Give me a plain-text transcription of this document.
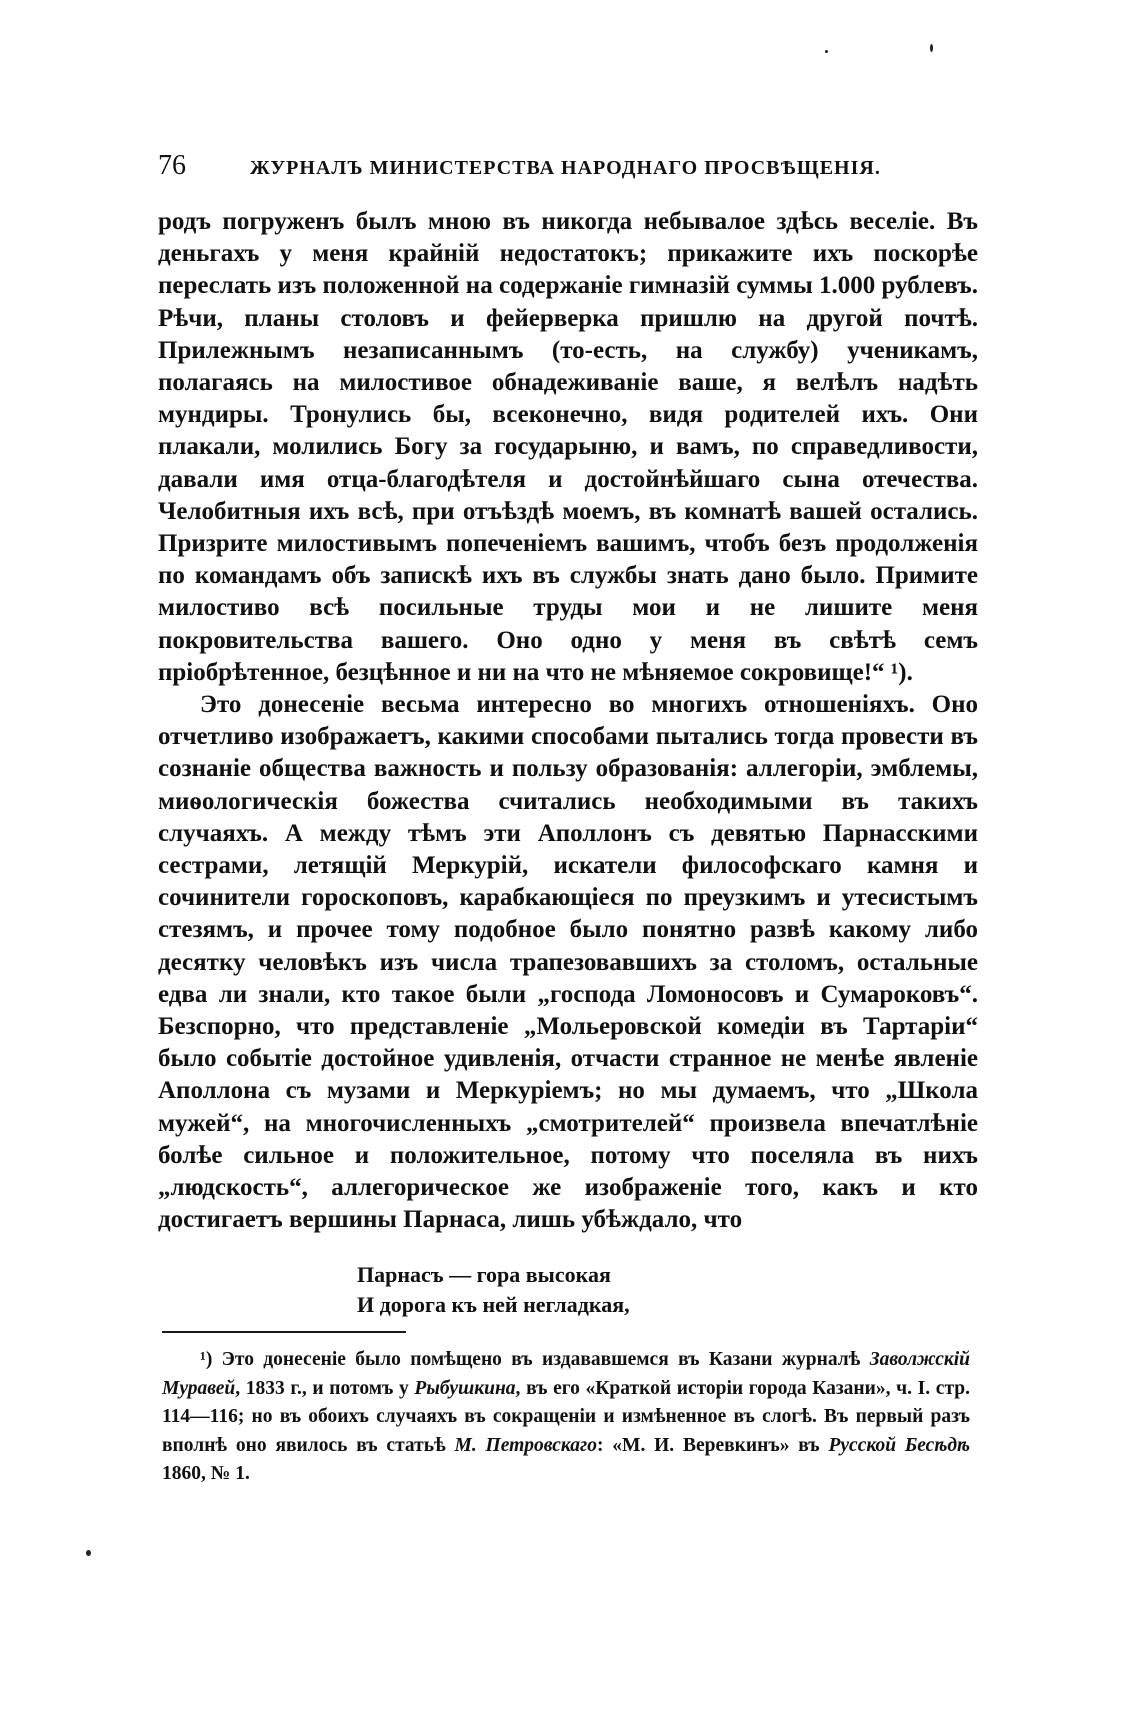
76	ЖУРНАЛЪ МИНИСТЕРСТВА НАРОДНАГО ПРОСВѢЩЕНІЯ.

родъ погруженъ былъ мною въ никогда небывалое здѣсь веселіе. Въ деньгахъ у меня крайній недостатокъ; прикажите ихъ поскорѣе переслать изъ положенной на содержаніе гимназій суммы 1.000 рублевъ. Рѣчи, планы столовъ и фейерверка пришлю на другой почтѣ. Прилежнымъ незаписаннымъ (то-есть, на службу) ученикамъ, полагаясь на милостивое обнадеживаніе ваше, я велѣлъ надѣть мундиры. Тронулись бы, всеконечно, видя родителей ихъ. Они плакали, молились Богу за государыню, и вамъ, по справедливости, давали имя отца-благодѣтеля и достойнѣйшаго сына отечества. Челобитныя ихъ всѣ, при отъѣздѣ моемъ, въ комнатѣ вашей остались. Призрите милостивымъ попеченіемъ вашимъ, чтобъ безъ продолженія по командамъ объ запискѣ ихъ въ службы знать дано было. Примите милостиво всѣ посильные труды мои и не лишите меня покровительства вашего. Оно одно у меня въ свѣтѣ семъ пріобрѣтенное, безцѣнное и ни на что не мѣняемое сокровище!“ ¹).

Это донесеніе весьма интересно во многихъ отношеніяхъ. Оно отчетливо изображаетъ, какими способами пытались тогда провести въ сознаніе общества важность и пользу образованія: аллегоріи, эмблемы, миѳологическія божества считались необходимыми въ такихъ случаяхъ. А между тѣмъ эти Аполлонъ съ девятью Парнасскими сестрами, летящій Меркурій, искатели философскаго камня и сочинители гороскоповъ, карабкающіеся по преузкимъ и утесистымъ стезямъ, и прочее тому подобное было понятно развѣ какому либо десятку человѣкъ изъ числа трапезовавшихъ за столомъ, остальные едва ли знали, кто такое были „господа Ломоносовъ и Сумароковъ“. Безспорно, что представленіе „Мольеровской комедіи въ Тартаріи“ было событіе достойное удивленія, отчасти странное не менѣе явленіе Аполлона съ музами и Меркуріемъ; но мы думаемъ, что „Школа мужей“, на многочисленныхъ „смотрителей“ произвела впечатлѣніе болѣе сильное и положительное, потому что поселяла въ нихъ „людскость“, аллегорическое же изображеніе того, какъ и кто достигаетъ вершины Парнаса, лишь убѣждало, что

Парнасъ — гора высокая
И дорога къ ней негладкая,

¹) Это донесеніе было помѣщено въ издававшемся въ Казани журналѣ Заволжскій Муравей, 1833 г., и потомъ у Рыбушкина, въ его «Краткой исторіи города Казани», ч. I. стр. 114—116; но въ обоихъ случаяхъ въ сокращеніи и измѣненное въ слогѣ. Въ первый разъ вполнѣ оно явилось въ статьѣ М. Петровскаго: «М. И. Веревкинъ» въ Русской Бесѣдѣ 1860, № 1.
